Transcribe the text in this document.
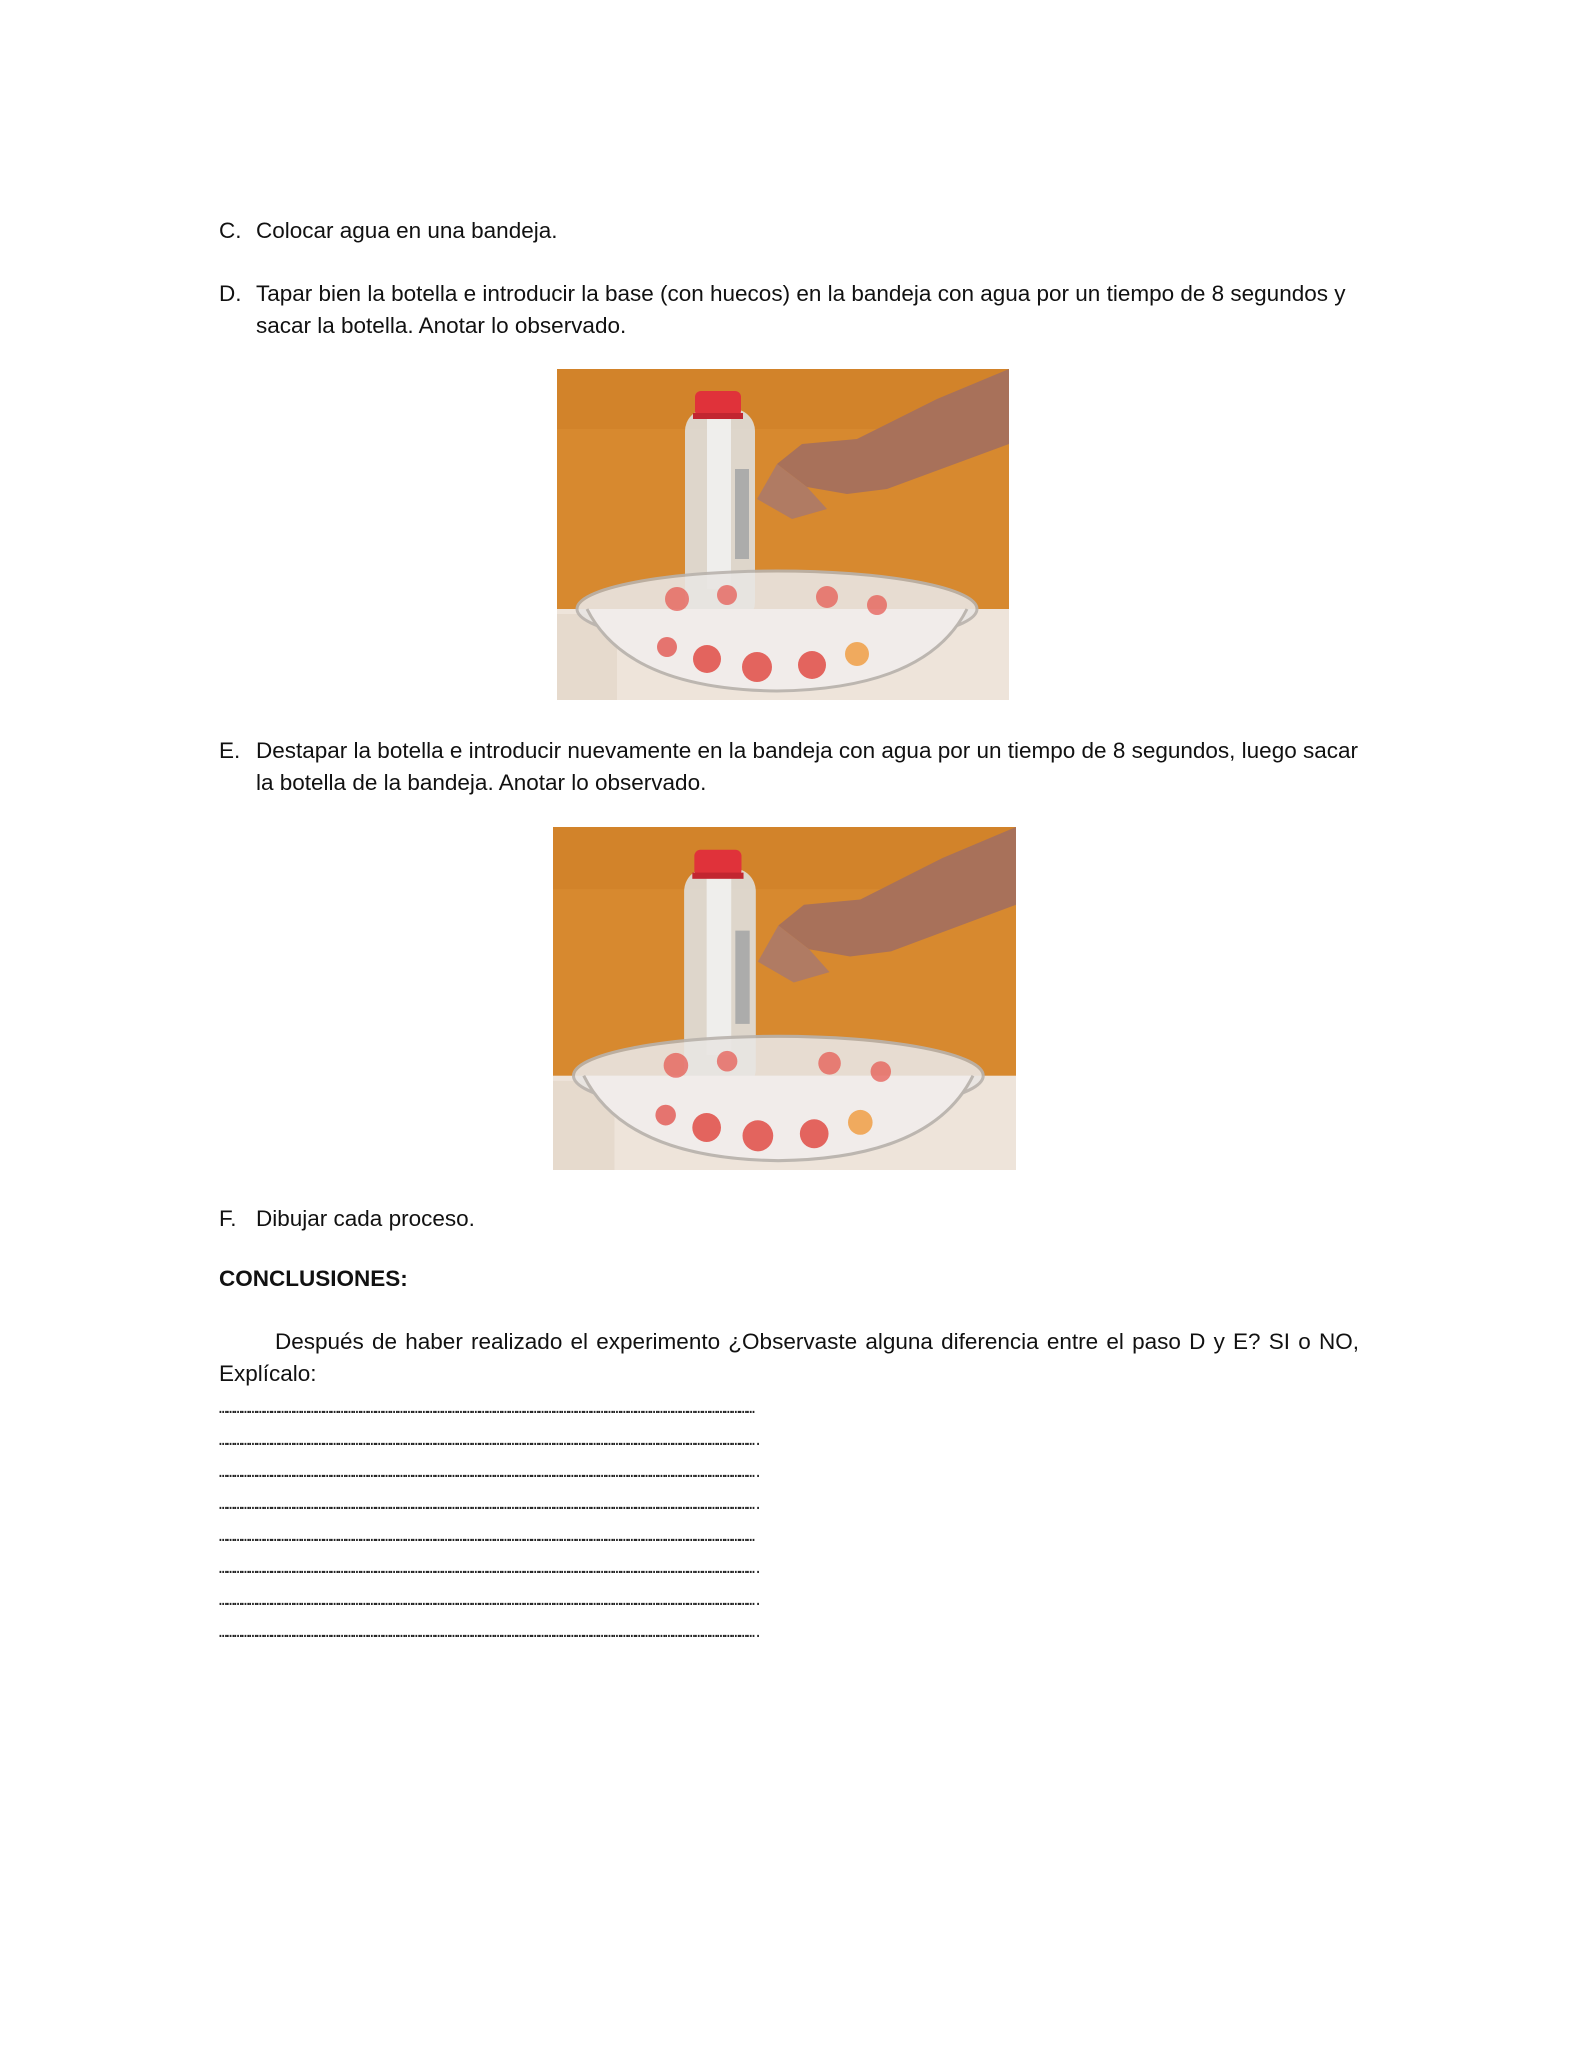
C. Colocar agua en una bandeja.
D. Tapar bien la botella e introducir la base (con huecos) en la bandeja con agua por un tiempo de 8 segundos y sacar la botella. Anotar lo observado.
E. Destapar la botella e introducir nuevamente en la bandeja con agua por un tiempo de 8 segundos, luego sacar la botella de la bandeja. Anotar lo observado.
F. Dibujar cada proceso.
CONCLUSIONES:
Después de haber realizado el experimento ¿Observaste alguna diferencia entre el paso D y E? SI o NO, Explícalo:
………………………………………………………………………………………………………………………………………………………………………………………………
……………………………………………………………………………………………………………………………………………………………………………………………….
……………………………………………………………………………………………………………………………………………………………………………………………….
……………………………………………………………………………………………………………………………………………………………………………………………….
………………………………………………………………………………………………………………………………………………………………………………………………
……………………………………………………………………………………………………………………………………………………………………………………………….
……………………………………………………………………………………………………………………………………………………………………………………………….
……………………………………………………………………………………………………………………………………………………………………………………………….
